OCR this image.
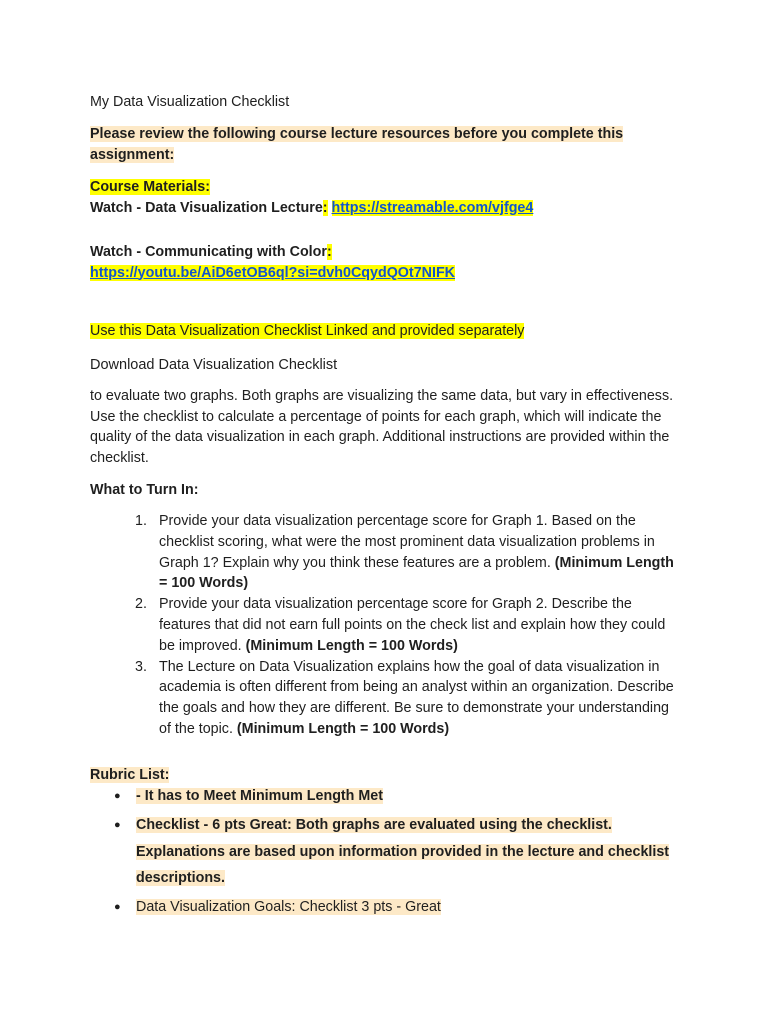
My Data Visualization Checklist
Please review the following course lecture resources before you complete this assignment:
Course Materials:
Watch - Data Visualization Lecture: https://streamable.com/vjfge4
Watch - Communicating with Color:
https://youtu.be/AiD6etOB6ql?si=dvh0CqydQOt7NIFK
Use this Data Visualization Checklist Linked and provided separately
Download Data Visualization Checklist

to evaluate two graphs. Both graphs are visualizing the same data, but vary in effectiveness. Use the checklist to calculate a percentage of points for each graph, which will indicate the quality of the data visualization in each graph. Additional instructions are provided within the checklist.

What to Turn In:
1. Provide your data visualization percentage score for Graph 1. Based on the checklist scoring, what were the most prominent data visualization problems in Graph 1? Explain why you think these features are a problem. (Minimum Length = 100 Words)
2. Provide your data visualization percentage score for Graph 2. Describe the features that did not earn full points on the check list and explain how they could be improved. (Minimum Length = 100 Words)
3. The Lecture on Data Visualization explains how the goal of data visualization in academia is often different from being an analyst within an organization. Describe the goals and how they are different. Be sure to demonstrate your understanding of the topic. (Minimum Length = 100 Words)
Rubric List:
● - It has to Meet Minimum Length Met
● Checklist - 6 pts Great: Both graphs are evaluated using the checklist. Explanations are based upon information provided in the lecture and checklist descriptions.
● Data Visualization Goals: Checklist 3 pts - Great
